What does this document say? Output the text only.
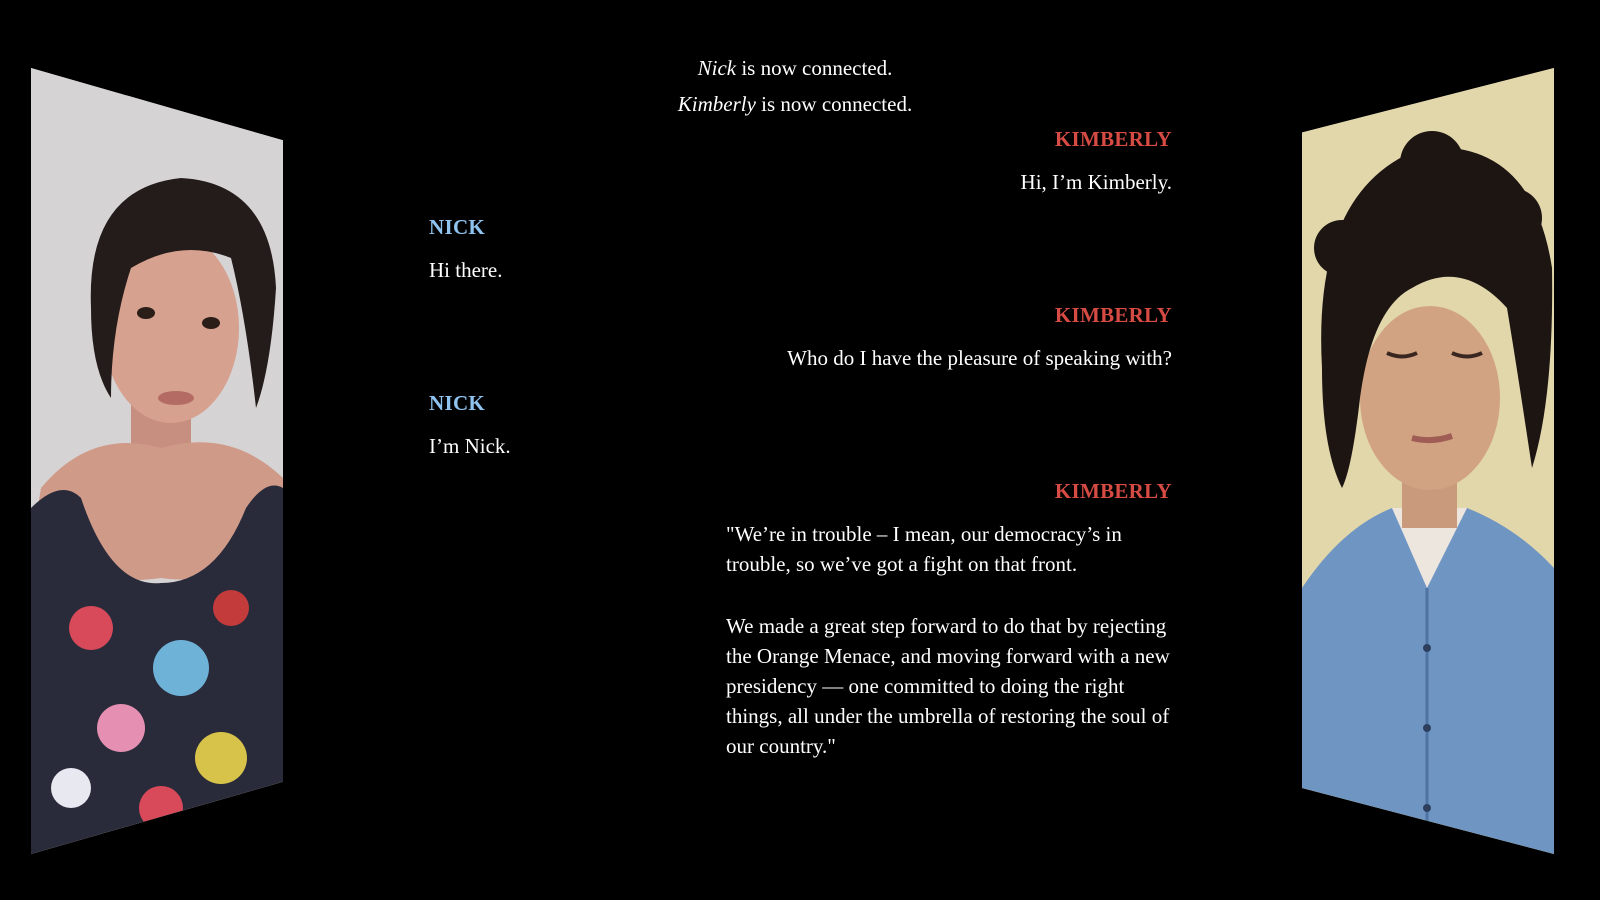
Nick is now connected.
Kimberly is now connected.
KIMBERLY
Hi, I’m Kimberly.
NICK
Hi there.
KIMBERLY
Who do I have the pleasure of speaking with?
NICK
I’m Nick.
KIMBERLY

"We’re in trouble – I mean, our democracy’s in trouble, so we’ve got a fight on that front.

We made a great step forward to do that by rejecting the Orange Menace, and moving forward with a new presidency — one committed to doing the right things, all under the umbrella of restoring the soul of our country."
